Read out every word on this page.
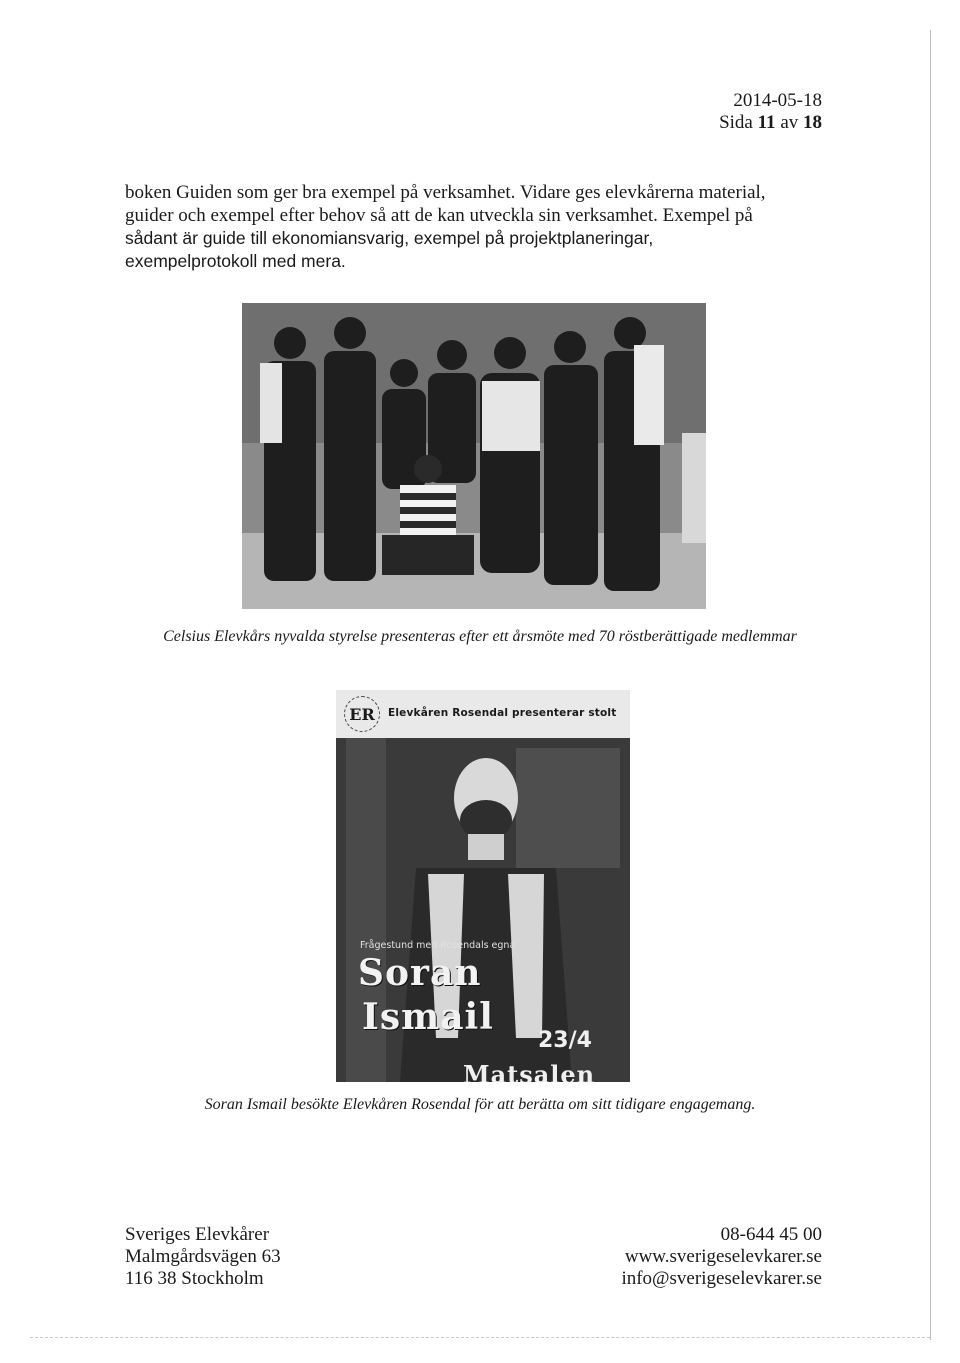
2014-05-18
Sida 11 av 18
boken Guiden som ger bra exempel på verksamhet. Vidare ges elevkårerna material,
guider och exempel efter behov så att de kan utveckla sin verksamhet. Exempel på
sådant är guide till ekonomiansvarig, exempel på projektplaneringar,
exempelprotokoll med mera.
Celsius Elevkårs nyvalda styrelse presenteras efter ett årsmöte med 70 röstberättigade medlemmar
ER	Elevkåren Rosendal presenterar stolt
Frågestund med Rosendals egna
Soran
Ismail
23/4
Matsalen
Soran Ismail besökte Elevkåren Rosendal för att berätta om sitt tidigare engagemang.
Sveriges Elevkårer
Malmgårdsvägen 63
116 38 Stockholm
08-644 45 00
www.sverigeselevkarer.se
info@sverigeselevkarer.se
